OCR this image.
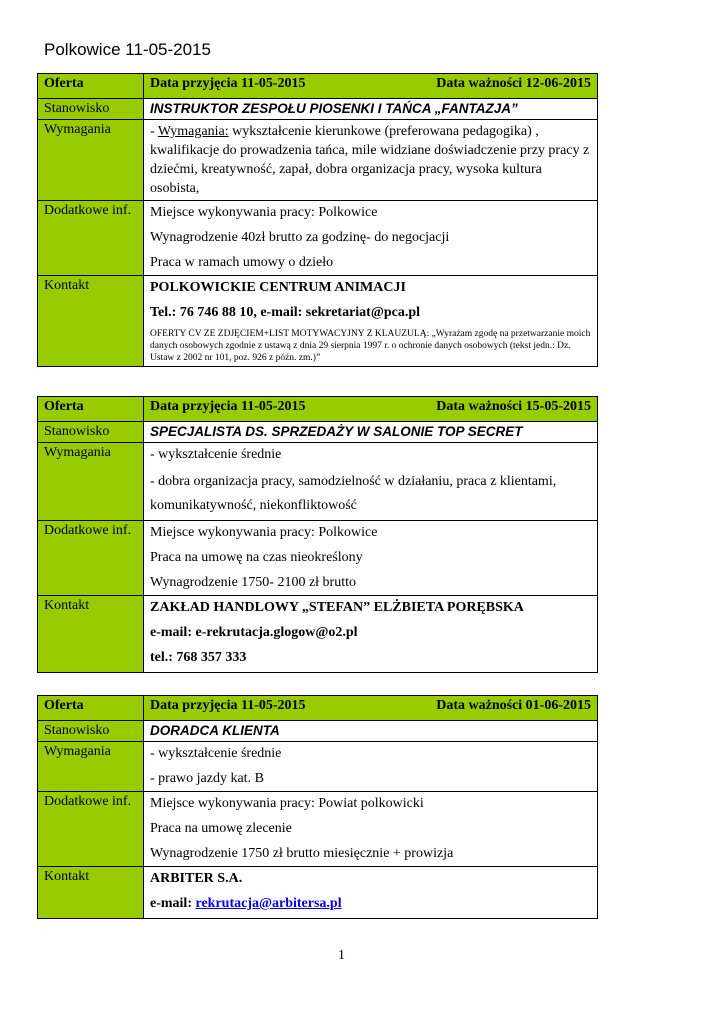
Polkowice 11-05-2015
Oferta	Data przyjęcia 11-05-2015 Data ważności 12-06-2015

Stanowisko	INSTRUKTOR ZESPOŁU PIOSENKI I TAŃCA „FANTAZJA”
Wymagania	- Wymagania: wykształcenie kierunkowe (preferowana pedagogika) , kwalifikacje do prowadzenia tańca, mile widziane doświadczenie przy pracy z dziećmi, kreatywność, zapał, dobra organizacja pracy, wysoka kultura osobista,

Dodatkowe inf.	Miejsce wykonywania pracy: Polkowice
Wynagrodzenie 40zł brutto za godzinę- do negocjacji
Praca w ramach umowy o dzieło

Kontakt	POLKOWICKIE CENTRUM ANIMACJI
Tel.: 76 746 88 10, e-mail: sekretariat@pca.pl
OFERTY CV ZE ZDJĘCIEM+LIST MOTYWACYJNY Z KLAUZULĄ: „Wyrażam zgodę na przetwarzanie moich danych osobowych zgodnie z ustawą z dnia 29 sierpnia 1997 r. o ochronie danych osobowych (tekst jedn.: Dz. Ustaw z 2002 nr 101, poz. 926 z późn. zm.)”
Oferta	Data przyjęcia 11-05-2015 Data ważności 15-05-2015

Stanowisko	SPECJALISTA DS. SPRZEDAŻY W SALONIE TOP SECRET
Wymagania	- wykształcenie średnie
- dobra organizacja pracy, samodzielność w działaniu, praca z klientami, komunikatywność, niekonfliktowość

Dodatkowe inf.	Miejsce wykonywania pracy: Polkowice
Praca na umowę na czas nieokreślony
Wynagrodzenie 1750- 2100 zł brutto

Kontakt	ZAKŁAD HANDLOWY „STEFAN” ELŻBIETA PORĘBSKA
e-mail: e-rekrutacja.glogow@o2.pl
tel.: 768 357 333
Oferta	Data przyjęcia 11-05-2015 Data ważności 01-06-2015

Stanowisko	DORADCA KLIENTA
Wymagania	- wykształcenie średnie
- prawo jazdy kat. B

Dodatkowe inf.	Miejsce wykonywania pracy: Powiat polkowicki
Praca na umowę zlecenie
Wynagrodzenie 1750 zł brutto miesięcznie + prowizja

Kontakt	ARBITER S.A.
e-mail: rekrutacja@arbitersa.pl
1
